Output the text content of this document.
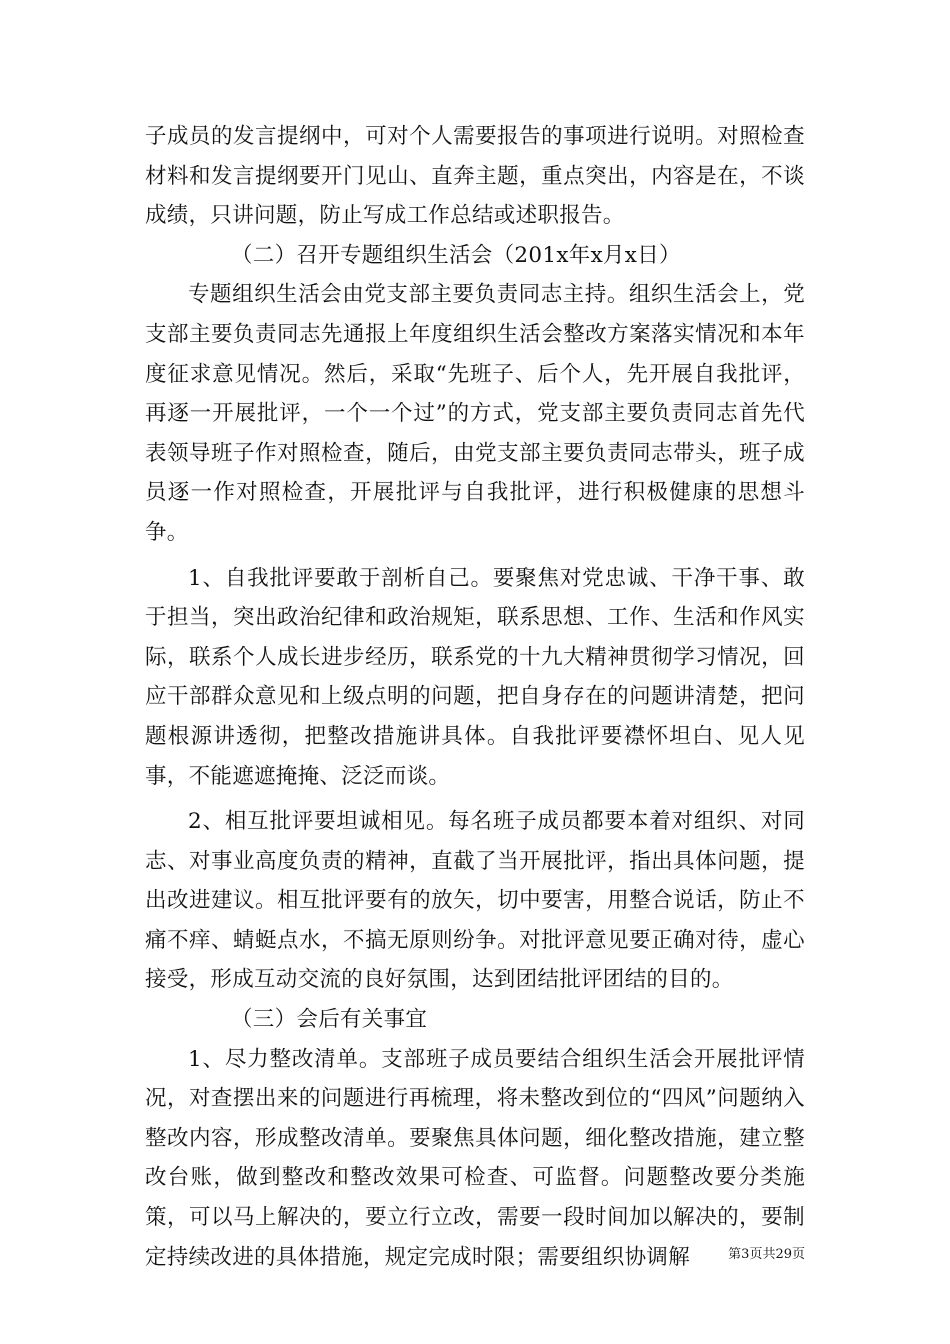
子成员的发言提纲中，可对个人需要报告的事项进行说明。对照检查材料和发言提纲要开门见山、直奔主题，重点突出，内容是在，不谈成绩，只讲问题，防止写成工作总结或述职报告。

（二）召开专题组织生活会（201x年x月x日）

专题组织生活会由党支部主要负责同志主持。组织生活会上，党支部主要负责同志先通报上年度组织生活会整改方案落实情况和本年度征求意见情况。然后，采取“先班子、后个人，先开展自我批评，再逐一开展批评，一个一个过”的方式，党支部主要负责同志首先代表领导班子作对照检查，随后，由党支部主要负责同志带头，班子成员逐一作对照检查，开展批评与自我批评，进行积极健康的思想斗争。

1、自我批评要敢于剖析自己。要聚焦对党忠诚、干净干事、敢于担当，突出政治纪律和政治规矩，联系思想、工作、生活和作风实际，联系个人成长进步经历，联系党的十九大精神贯彻学习情况，回应干部群众意见和上级点明的问题，把自身存在的问题讲清楚，把问题根源讲透彻，把整改措施讲具体。自我批评要襟怀坦白、见人见事，不能遮遮掩掩、泛泛而谈。

2、相互批评要坦诚相见。每名班子成员都要本着对组织、对同志、对事业高度负责的精神，直截了当开展批评，指出具体问题，提出改进建议。相互批评要有的放矢，切中要害，用整合说话，防止不痛不痒、蜻蜓点水，不搞无原则纷争。对批评意见要正确对待，虚心接受，形成互动交流的良好氛围，达到团结批评团结的目的。

（三）会后有关事宜

1、尽力整改清单。支部班子成员要结合组织生活会开展批评情况，对查摆出来的问题进行再梳理，将未整改到位的“四风”问题纳入整改内容，形成整改清单。要聚焦具体问题，细化整改措施，建立整改台账，做到整改和整改效果可检查、可监督。问题整改要分类施策，可以马上解决的，要立行立改，需要一段时间加以解决的，要制定持续改进的具体措施，规定完成时限；需要组织协调解	第3页共29页
